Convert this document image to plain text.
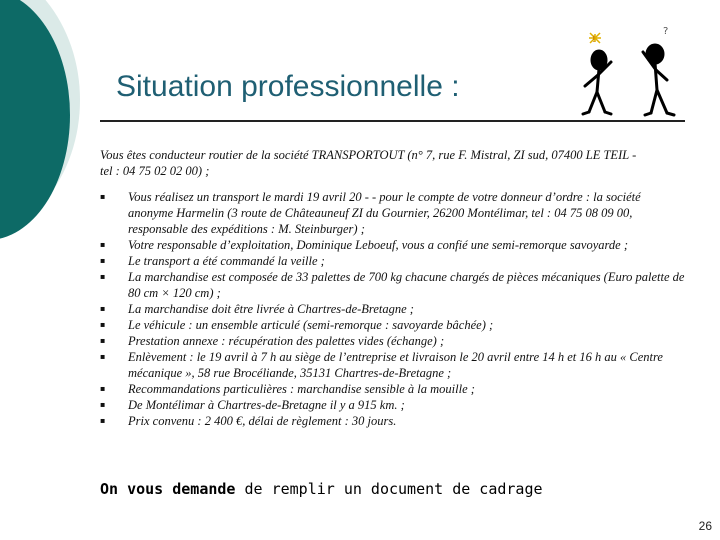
Situation professionnelle :
!
?

Vous êtes conducteur routier de la société TRANSPORTOUT (n° 7, rue F. Mistral, ZI sud, 07400 LE TEIL - tel : 04 75 02 02 00) ;

▪ Vous réalisez un transport le mardi 19 avril 20 - - pour le compte de votre donneur d’ordre : la société anonyme Harmelin (3 route de Châteauneuf ZI du Gournier, 26200 Montélimar, tel : 04 75 08 09 00, responsable des expéditions : M. Steinburger) ;
▪ Votre responsable d’exploitation, Dominique Leboeuf, vous a confié une semi-remorque savoyarde ;
▪ Le transport a été commandé la veille ;
▪ La marchandise est composée de 33 palettes de 700 kg chacune chargés de pièces mécaniques (Euro palette de 80 cm × 120 cm) ;
▪ La marchandise doit être livrée à Chartres-de-Bretagne ;
▪ Le véhicule : un ensemble articulé (semi-remorque : savoyarde bâchée) ;
▪ Prestation annexe : récupération des palettes vides (échange) ;
▪ Enlèvement : le 19 avril à 7 h au siège de l’entreprise et livraison le 20 avril entre 14 h et 16 h au « Centre mécanique », 58 rue Brocéliande, 35131 Chartres-de-Bretagne ;
▪ Recommandations particulières : marchandise sensible à la mouille ;
▪ De Montélimar à Chartres-de-Bretagne il y a 915 km. ;
▪ Prix convenu : 2 400 €, délai de règlement : 30 jours.
On vous demande de remplir un document de cadrage
26
